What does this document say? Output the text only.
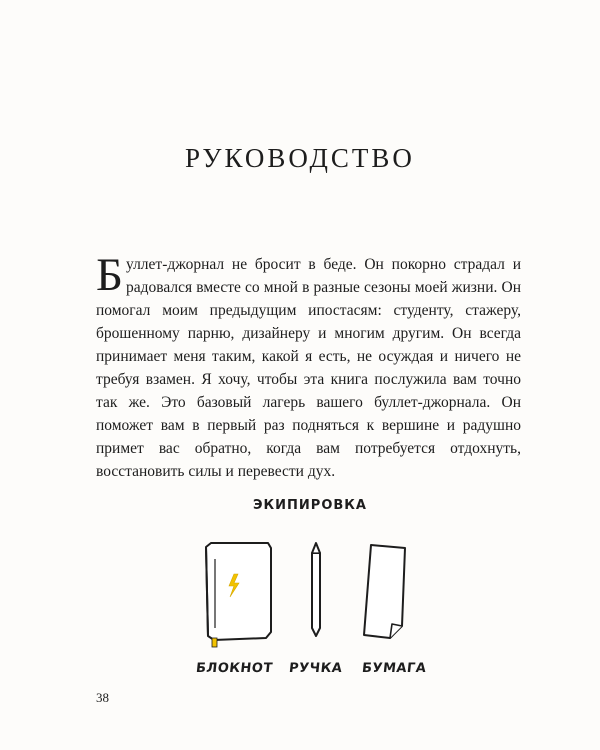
РУКОВОДСТВО

Буллет-джорнал не бросит в беде. Он покорно страдал и радовался вместе со мной в разные сезоны моей жизни. Он помогал моим предыдущим ипостасям: студенту, стажеру, брошенному парню, дизайнеру и многим другим. Он всегда принимает меня таким, какой я есть, не осуждая и ничего не требуя взамен. Я хочу, чтобы эта книга послужила вам точно так же. Это базовый лагерь вашего буллет-джорнала. Он поможет вам в первый раз подняться к вершине и радушно примет вас обратно, когда вам потребуется отдохнуть, восстановить силы и перевести дух.

ЭКИПИРОВКА
БЛОКНОТ РУЧКА БУМАГА
38
